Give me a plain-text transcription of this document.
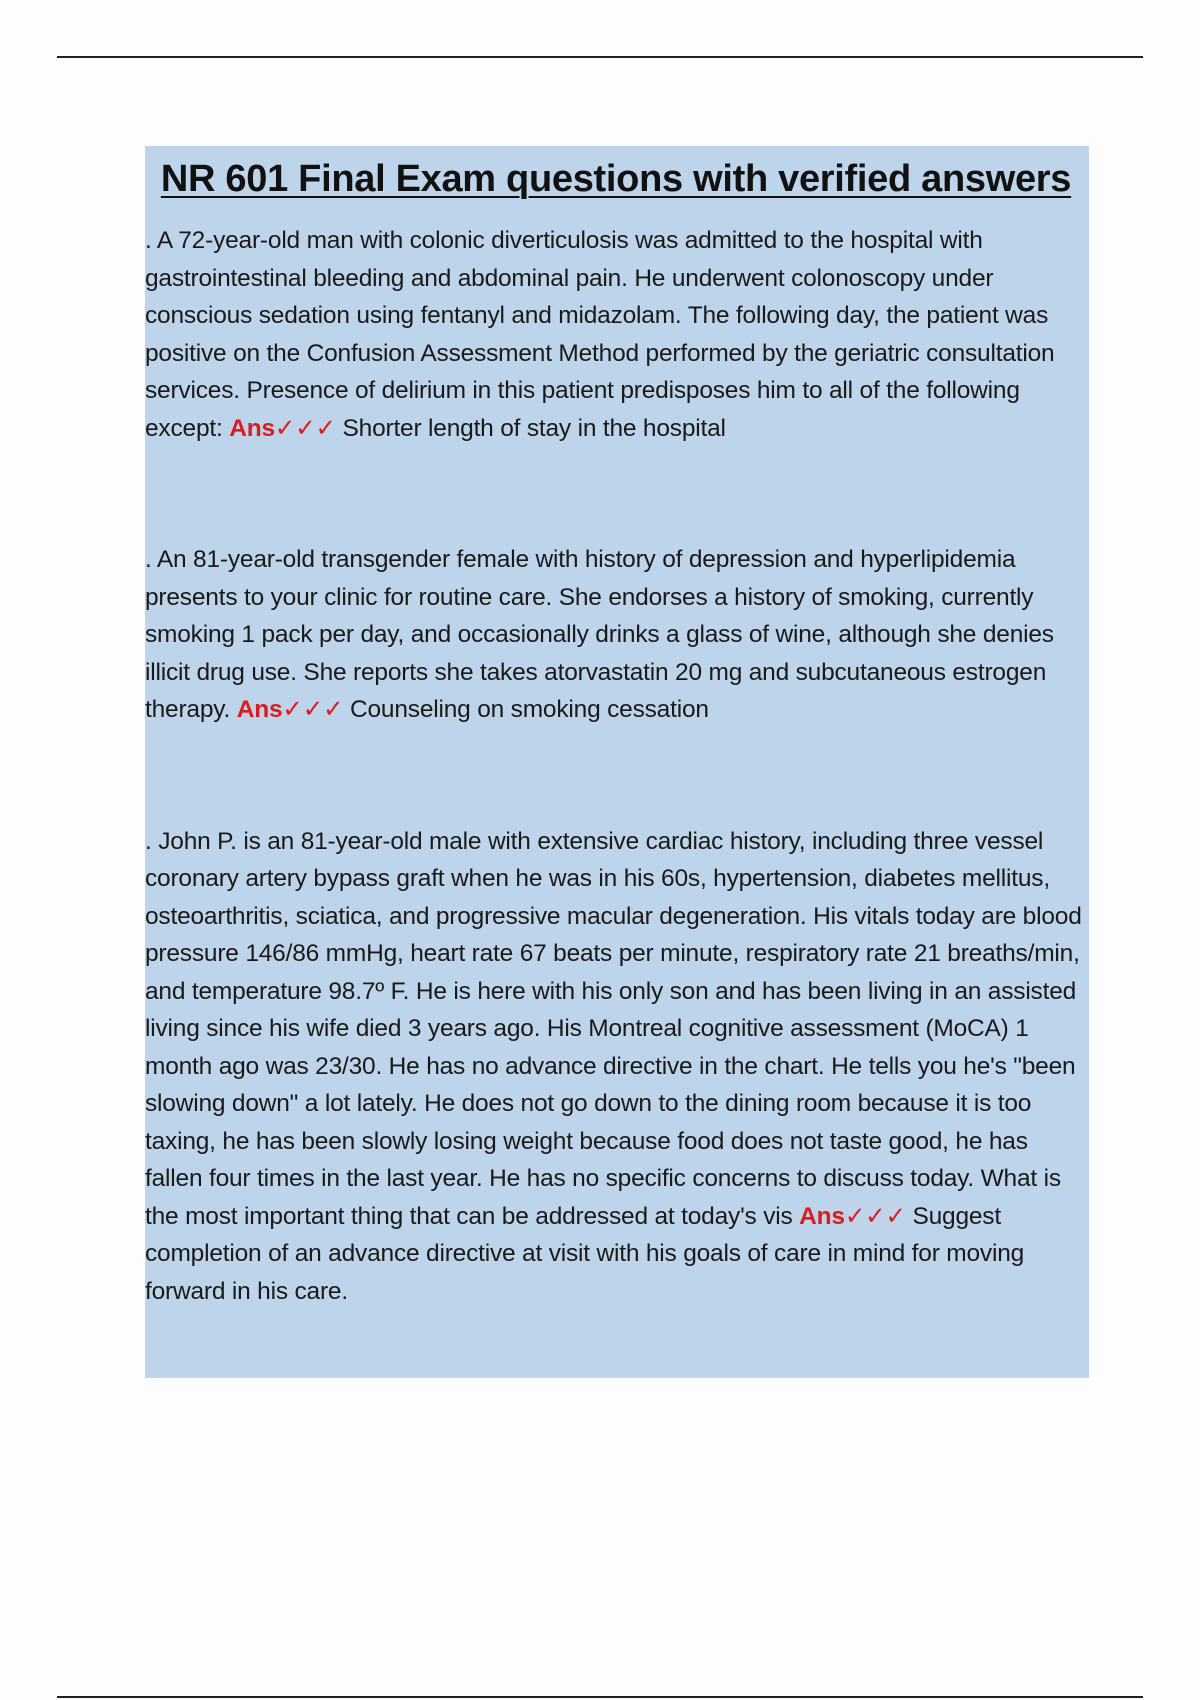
NR 601 Final Exam questions with verified answers

. A 72-year-old man with colonic diverticulosis was admitted to the hospital with gastrointestinal bleeding and abdominal pain. He underwent colonoscopy under conscious sedation using fentanyl and midazolam. The following day, the patient was positive on the Confusion Assessment Method performed by the geriatric consultation services. Presence of delirium in this patient predisposes him to all of the following except: Ans✓✓✓ Shorter length of stay in the hospital

. An 81-year-old transgender female with history of depression and hyperlipidemia presents to your clinic for routine care. She endorses a history of smoking, currently smoking 1 pack per day, and occasionally drinks a glass of wine, although she denies illicit drug use. She reports she takes atorvastatin 20 mg and subcutaneous estrogen therapy. Ans✓✓✓ Counseling on smoking cessation

. John P. is an 81-year-old male with extensive cardiac history, including three vessel coronary artery bypass graft when he was in his 60s, hypertension, diabetes mellitus, osteoarthritis, sciatica, and progressive macular degeneration. His vitals today are blood pressure 146/86 mmHg, heart rate 67 beats per minute, respiratory rate 21 breaths/min, and temperature 98.7º F. He is here with his only son and has been living in an assisted living since his wife died 3 years ago. His Montreal cognitive assessment (MoCA) 1 month ago was 23/30. He has no advance directive in the chart. He tells you he's "been slowing down" a lot lately. He does not go down to the dining room because it is too taxing, he has been slowly losing weight because food does not taste good, he has fallen four times in the last year. He has no specific concerns to discuss today. What is the most important thing that can be addressed at today's vis Ans✓✓✓ Suggest completion of an advance directive at visit with his goals of care in mind for moving forward in his care.
